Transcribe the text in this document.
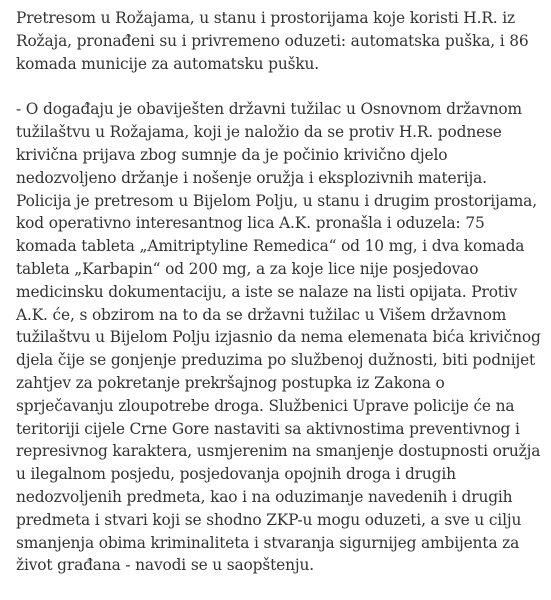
Pretresom u Rožajama, u stanu i prostorijama koje koristi H.R. iz Rožaja, pronađeni su i privremeno oduzeti: automatska puška, i 86 komada municije za automatsku pušku.

- O događaju je obaviješten državni tužilac u Osnovnom državnom tužilaštvu u Rožajama, koji je naložio da se protiv H.R. podnese krivična prijava zbog sumnje da je počinio krivično djelo nedozvoljeno držanje i nošenje oružja i eksplozivnih materija. Policija je pretresom u Bijelom Polju, u stanu i drugim prostorijama, kod operativno interesantnog lica A.K. pronašla i oduzela: 75 komada tableta „Amitriptyline Remedica“ od 10 mg, i dva komada tableta „Karbapin“ od 200 mg, a za koje lice nije posjedovao medicinsku dokumentaciju, a iste se nalaze na listi opijata. Protiv A.K. će, s obzirom na to da se državni tužilac u Višem državnom tužilaštvu u Bijelom Polju izjasnio da nema elemenata bića krivičnog djela čije se gonjenje preduzima po službenoj dužnosti, biti podnijet zahtjev za pokretanje prekršajnog postupka iz Zakona o sprječavanju zloupotrebe droga. Službenici Uprave policije će na teritoriji cijele Crne Gore nastaviti sa aktivnostima preventivnog i represivnog karaktera, usmjerenim na smanjenje dostupnosti oružja u ilegalnom posjedu, posjedovanja opojnih droga i drugih nedozvoljenih predmeta, kao i na oduzimanje navedenih i drugih predmeta i stvari koji se shodno ZKP-u mogu oduzeti, a sve u cilju smanjenja obima kriminaliteta i stvaranja sigurnijeg ambijenta za život građana - navodi se u saopštenju.
